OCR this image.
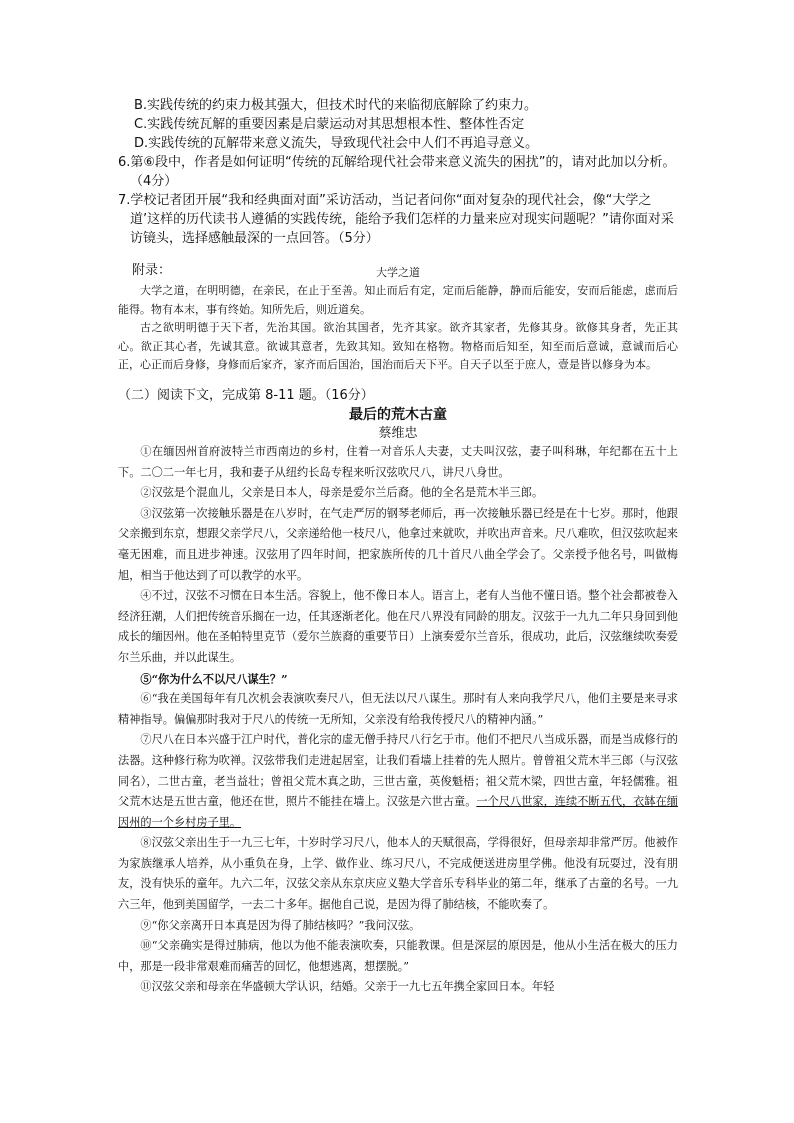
B.实践传统的约束力极其强大，但技术时代的来临彻底解除了约束力。

C.实践传统瓦解的重要因素是启蒙运动对其思想根本性、整体性否定

D.实践传统的瓦解带来意义流失，导致现代社会中人们不再追寻意义。

6.第⑥段中，作者是如何证明“传统的瓦解给现代社会带来意义流失的困扰”的，请对此加以分析。（4分）

7.学校记者团开展“我和经典面对面”采访活动，当记者问你“面对复杂的现代社会，像“大学之道’这样的历代读书人遵循的实践传统，能给予我们怎样的力量来应对现实问题呢？”请你面对采访镜头，选择感触最深的一点回答。（5分）

附录：	大学之道

大学之道，在明明德，在亲民，在止于至善。知止而后有定，定而后能静，静而后能安，安而后能虑，虑而后能得。物有本末，事有终始。知所先后，则近道矣。

古之欲明明德于天下者，先治其国。欲治其国者，先齐其家。欲齐其家者，先修其身。欲修其身者，先正其心。欲正其心者，先诚其意。欲诚其意者，先致其知。致知在格物。物格而后知至，知至而后意诚，意诚而后心正，心正而后身修，身修而后家齐，家齐而后国治，国治而后天下平。自天子以至于庶人，壹是皆以修身为本。

（二）阅读下文，完成第 8-11 题。（16分）

最后的荒木古童

蔡维忠

①在缅因州首府波特兰市西南边的乡村，住着一对音乐人夫妻，丈夫叫汉弦，妻子叫科琳，年纪都在五十上下。二〇二一年七月，我和妻子从纽约长岛专程来听汉弦吹尺八，讲尺八身世。

②汉弦是个混血儿，父亲是日本人，母亲是爱尔兰后裔。他的全名是荒木半三郎。

③汉弦第一次接触乐器是在八岁时，在气走严厉的钢琴老师后，再一次接触乐器已经是在十七岁。那时，他跟父亲搬到东京，想跟父亲学尺八，父亲递给他一枝尺八，他拿过来就吹，并吹出声音来。尺八难吹，但汉弦吹起来毫无困难，而且进步神速。汉弦用了四年时间，把家族所传的几十首尺八曲全学会了。父亲授予他名号，叫做梅旭，相当于他达到了可以教学的水平。

④不过，汉弦不习惯在日本生活。容貌上，他不像日本人。语言上，老有人当他不懂日语。整个社会都被卷入经济狂潮，人们把传统音乐搁在一边，任其逐渐老化。他在尺八界没有同龄的朋友。汉弦于一九九二年只身回到他成长的缅因州。他在圣帕特里克节（爱尔兰族裔的重要节日）上演奏爱尔兰音乐，很成功，此后，汉弦继续吹奏爱尔兰乐曲，并以此谋生。

⑤“你为什么不以尺八谋生？”

⑥“我在美国每年有几次机会表演吹奏尺八，但无法以尺八谋生。那时有人来向我学尺八，他们主要是来寻求精神指导。偏偏那时我对于尺八的传统一无所知，父亲没有给我传授尺八的精神内涵。”

⑦尺八在日本兴盛于江户时代，普化宗的虚无僧手持尺八行乞于市。他们不把尺八当成乐器，而是当成修行的法器。这种修行称为吹禅。汉弦带我们走进起居室，让我们看墙上挂着的先人照片。曾曾祖父荒木半三郎（与汉弦同名），二世古童，老当益壮；曾祖父荒木真之助，三世古童，英俊魁梧；祖父荒木梁，四世古童，年轻儒雅。祖父荒木达是五世古童，他还在世，照片不能挂在墙上。汉弦是六世古童。一个尺八世家，连续不断五代，衣缽在缅因州的一个乡村房子里。

⑧汉弦父亲出生于一九三七年，十岁时学习尺八，他本人的天赋很高，学得很好，但母亲却非常严厉。他被作为家族继承人培养，从小重负在身，上学、做作业、练习尺八，不完成便送进房里学佛。他没有玩耍过，没有朋友，没有快乐的童年。九六二年，汉弦父亲从东京庆应义塾大学音乐专科毕业的第二年，继承了古童的名号。一九六三年，他到美国留学，一去二十多年。据他自己说，是因为得了肺结核，不能吹奏了。

⑨“你父亲离开日本真是因为得了肺结核吗？”我问汉弦。

⑩“父亲确实是得过肺病，他以为他不能表演吹奏，只能教课。但是深层的原因是，他从小生活在极大的压力中，那是一段非常艰难而痛苦的回忆，他想逃离，想摆脱。”

⑪汉弦父亲和母亲在华盛顿大学认识，结婚。父亲于一九七五年携全家回日本。年轻
